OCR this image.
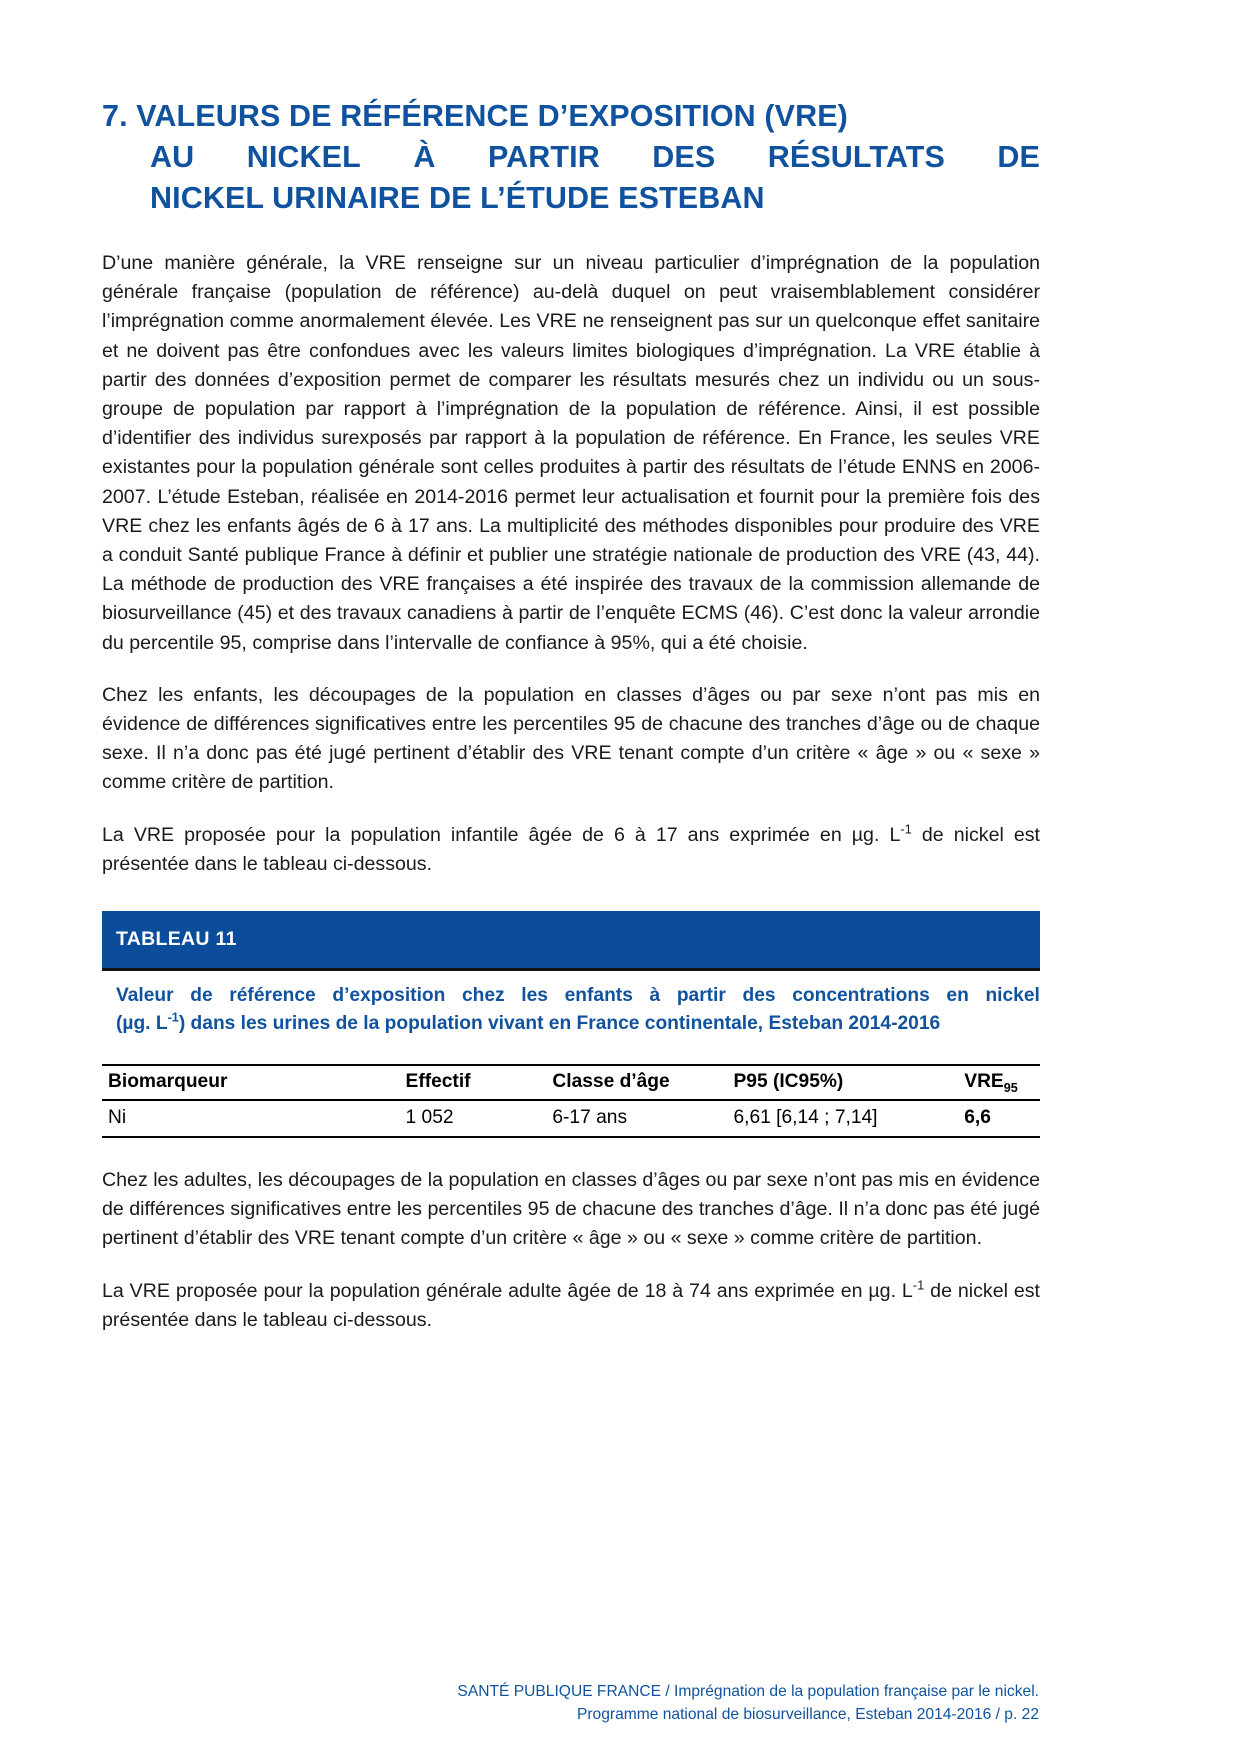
7. VALEURS DE RÉFÉRENCE D’EXPOSITION (VRE)
AU NICKEL À PARTIR DES RÉSULTATS DE
NICKEL URINAIRE DE L’ÉTUDE ESTEBAN

D’une manière générale, la VRE renseigne sur un niveau particulier d’imprégnation de la population générale française (population de référence) au-delà duquel on peut vraisemblablement considérer l’imprégnation comme anormalement élevée. Les VRE ne renseignent pas sur un quelconque effet sanitaire et ne doivent pas être confondues avec les valeurs limites biologiques d’imprégnation. La VRE établie à partir des données d’exposition permet de comparer les résultats mesurés chez un individu ou un sous-groupe de population par rapport à l’imprégnation de la population de référence. Ainsi, il est possible d’identifier des individus surexposés par rapport à la population de référence. En France, les seules VRE existantes pour la population générale sont celles produites à partir des résultats de l’étude ENNS en 2006-2007. L’étude Esteban, réalisée en 2014-2016 permet leur actualisation et fournit pour la première fois des VRE chez les enfants âgés de 6 à 17 ans. La multiplicité des méthodes disponibles pour produire des VRE a conduit Santé publique France à définir et publier une stratégie nationale de production des VRE (43, 44). La méthode de production des VRE françaises a été inspirée des travaux de la commission allemande de biosurveillance (45) et des travaux canadiens à partir de l’enquête ECMS (46). C’est donc la valeur arrondie du percentile 95, comprise dans l’intervalle de confiance à 95%, qui a été choisie.

Chez les enfants, les découpages de la population en classes d’âges ou par sexe n’ont pas mis en évidence de différences significatives entre les percentiles 95 de chacune des tranches d’âge ou de chaque sexe. Il n’a donc pas été jugé pertinent d’établir des VRE tenant compte d’un critère « âge » ou « sexe » comme critère de partition.

La VRE proposée pour la population infantile âgée de 6 à 17 ans exprimée en µg. $L^{-1}$ de nickel est présentée dans le tableau ci-dessous.

TABLEAU 11
Valeur de référence d’exposition chez les enfants à partir des concentrations en nickel
(µg. $L^{-1}$) dans les urines de la population vivant en France continentale, Esteban 2014-2016
Biomarqueur	Effectif	Classe d’âge	P95 (IC95%)	$VRE_{95}$
Ni	1 052	6-17 ans	6,61 [6,14 ; 7,14]	6,6

Chez les adultes, les découpages de la population en classes d’âges ou par sexe n’ont pas mis en évidence de différences significatives entre les percentiles 95 de chacune des tranches d’âge. Il n’a donc pas été jugé pertinent d’établir des VRE tenant compte d’un critère « âge » ou « sexe » comme critère de partition.

La VRE proposée pour la population générale adulte âgée de 18 à 74 ans exprimée en µg. $L^{-1}$ de nickel est présentée dans le tableau ci-dessous.

SANTÉ PUBLIQUE FRANCE / Imprégnation de la population française par le nickel.
Programme national de biosurveillance, Esteban 2014-2016 / p. 22
